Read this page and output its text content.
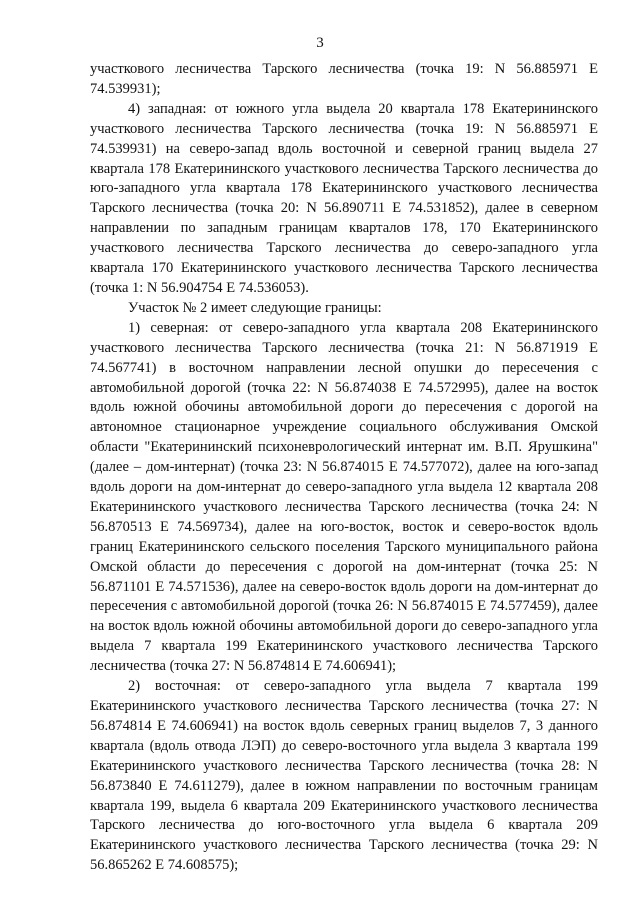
3

участкового лесничества Тарского лесничества (точка 19: N 56.885971 E 74.539931);

4) западная: от южного угла выдела 20 квартала 178 Екатерининского участкового лесничества Тарского лесничества (точка 19: N 56.885971 E 74.539931) на северо-запад вдоль восточной и северной границ выдела 27 квартала 178 Екатерининского участкового лесничества Тарского лесничества до юго-западного угла квартала 178 Екатерининского участкового лесничества Тарского лесничества (точка 20: N 56.890711 E 74.531852), далее в северном направлении по западным границам кварталов 178, 170 Екатерининского участкового лесничества Тарского лесничества до северо-западного угла квартала 170 Екатерининского участкового лесничества Тарского лесничества (точка 1: N 56.904754 E 74.536053).

Участок № 2 имеет следующие границы:

1) северная: от северо-западного угла квартала 208 Екатерининского участкового лесничества Тарского лесничества (точка 21: N 56.871919 E 74.567741) в восточном направлении лесной опушки до пересечения с автомобильной дорогой (точка 22: N 56.874038 E 74.572995), далее на восток вдоль южной обочины автомобильной дороги до пересечения с дорогой на автономное стационарное учреждение социального обслуживания Омской области "Екатерининский психоневрологический интернат им. В.П. Ярушкина" (далее – дом-интернат) (точка 23: N 56.874015 E 74.577072), далее на юго-запад вдоль дороги на дом-интернат до северо-западного угла выдела 12 квартала 208 Екатерининского участкового лесничества Тарского лесничества (точка 24: N 56.870513 E 74.569734), далее на юго-восток, восток и северо-восток вдоль границ Екатерининского сельского поселения Тарского муниципального района Омской области до пересечения с дорогой на дом-интернат (точка 25: N 56.871101 E 74.571536), далее на северо-восток вдоль дороги на дом-интернат до пересечения с автомобильной дорогой (точка 26: N 56.874015 E 74.577459), далее на восток вдоль южной обочины автомобильной дороги до северо-западного угла выдела 7 квартала 199 Екатерининского участкового лесничества Тарского лесничества (точка 27: N 56.874814 E 74.606941);

2) восточная: от северо-западного угла выдела 7 квартала 199 Екатерининского участкового лесничества Тарского лесничества (точка 27: N 56.874814 E 74.606941) на восток вдоль северных границ выделов 7, 3 данного квартала (вдоль отвода ЛЭП) до северо-восточного угла выдела 3 квартала 199 Екатерининского участкового лесничества Тарского лесничества (точка 28: N 56.873840 E 74.611279), далее в южном направлении по восточным границам квартала 199, выдела 6 квартала 209 Екатерининского участкового лесничества Тарского лесничества до юго-восточного угла выдела 6 квартала 209 Екатерининского участкового лесничества Тарского лесничества (точка 29: N 56.865262 E 74.608575);
